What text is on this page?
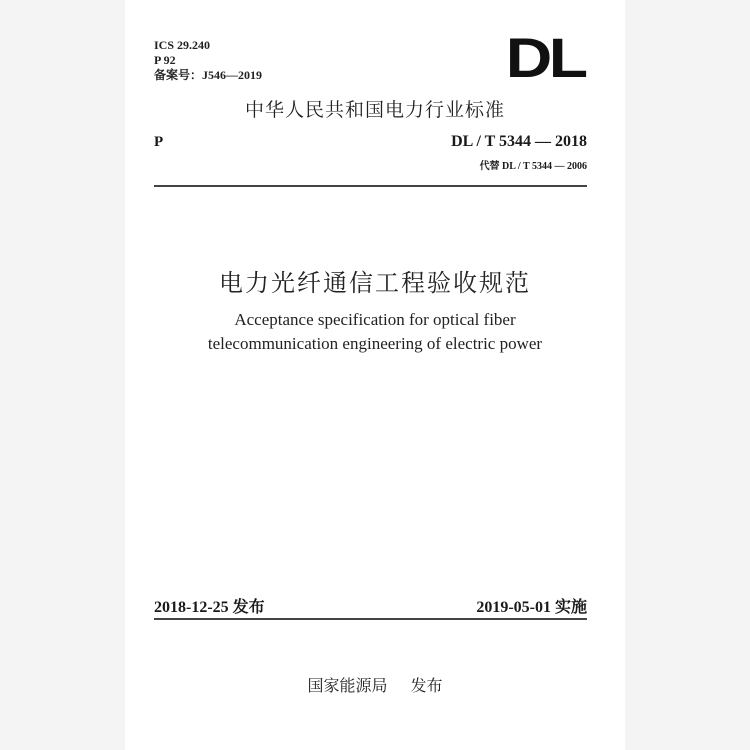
ICS 29.240
P 92
备案号：J546—2019	DL
中华人民共和国电力行业标准
P	DL / T 5344 — 2018
代替 DL / T 5344 — 2006
电力光纤通信工程验收规范
Acceptance specification for optical fiber
telecommunication engineering of electric power
2018-12-25 发布	2019-05-01 实施
国家能源局 发布
